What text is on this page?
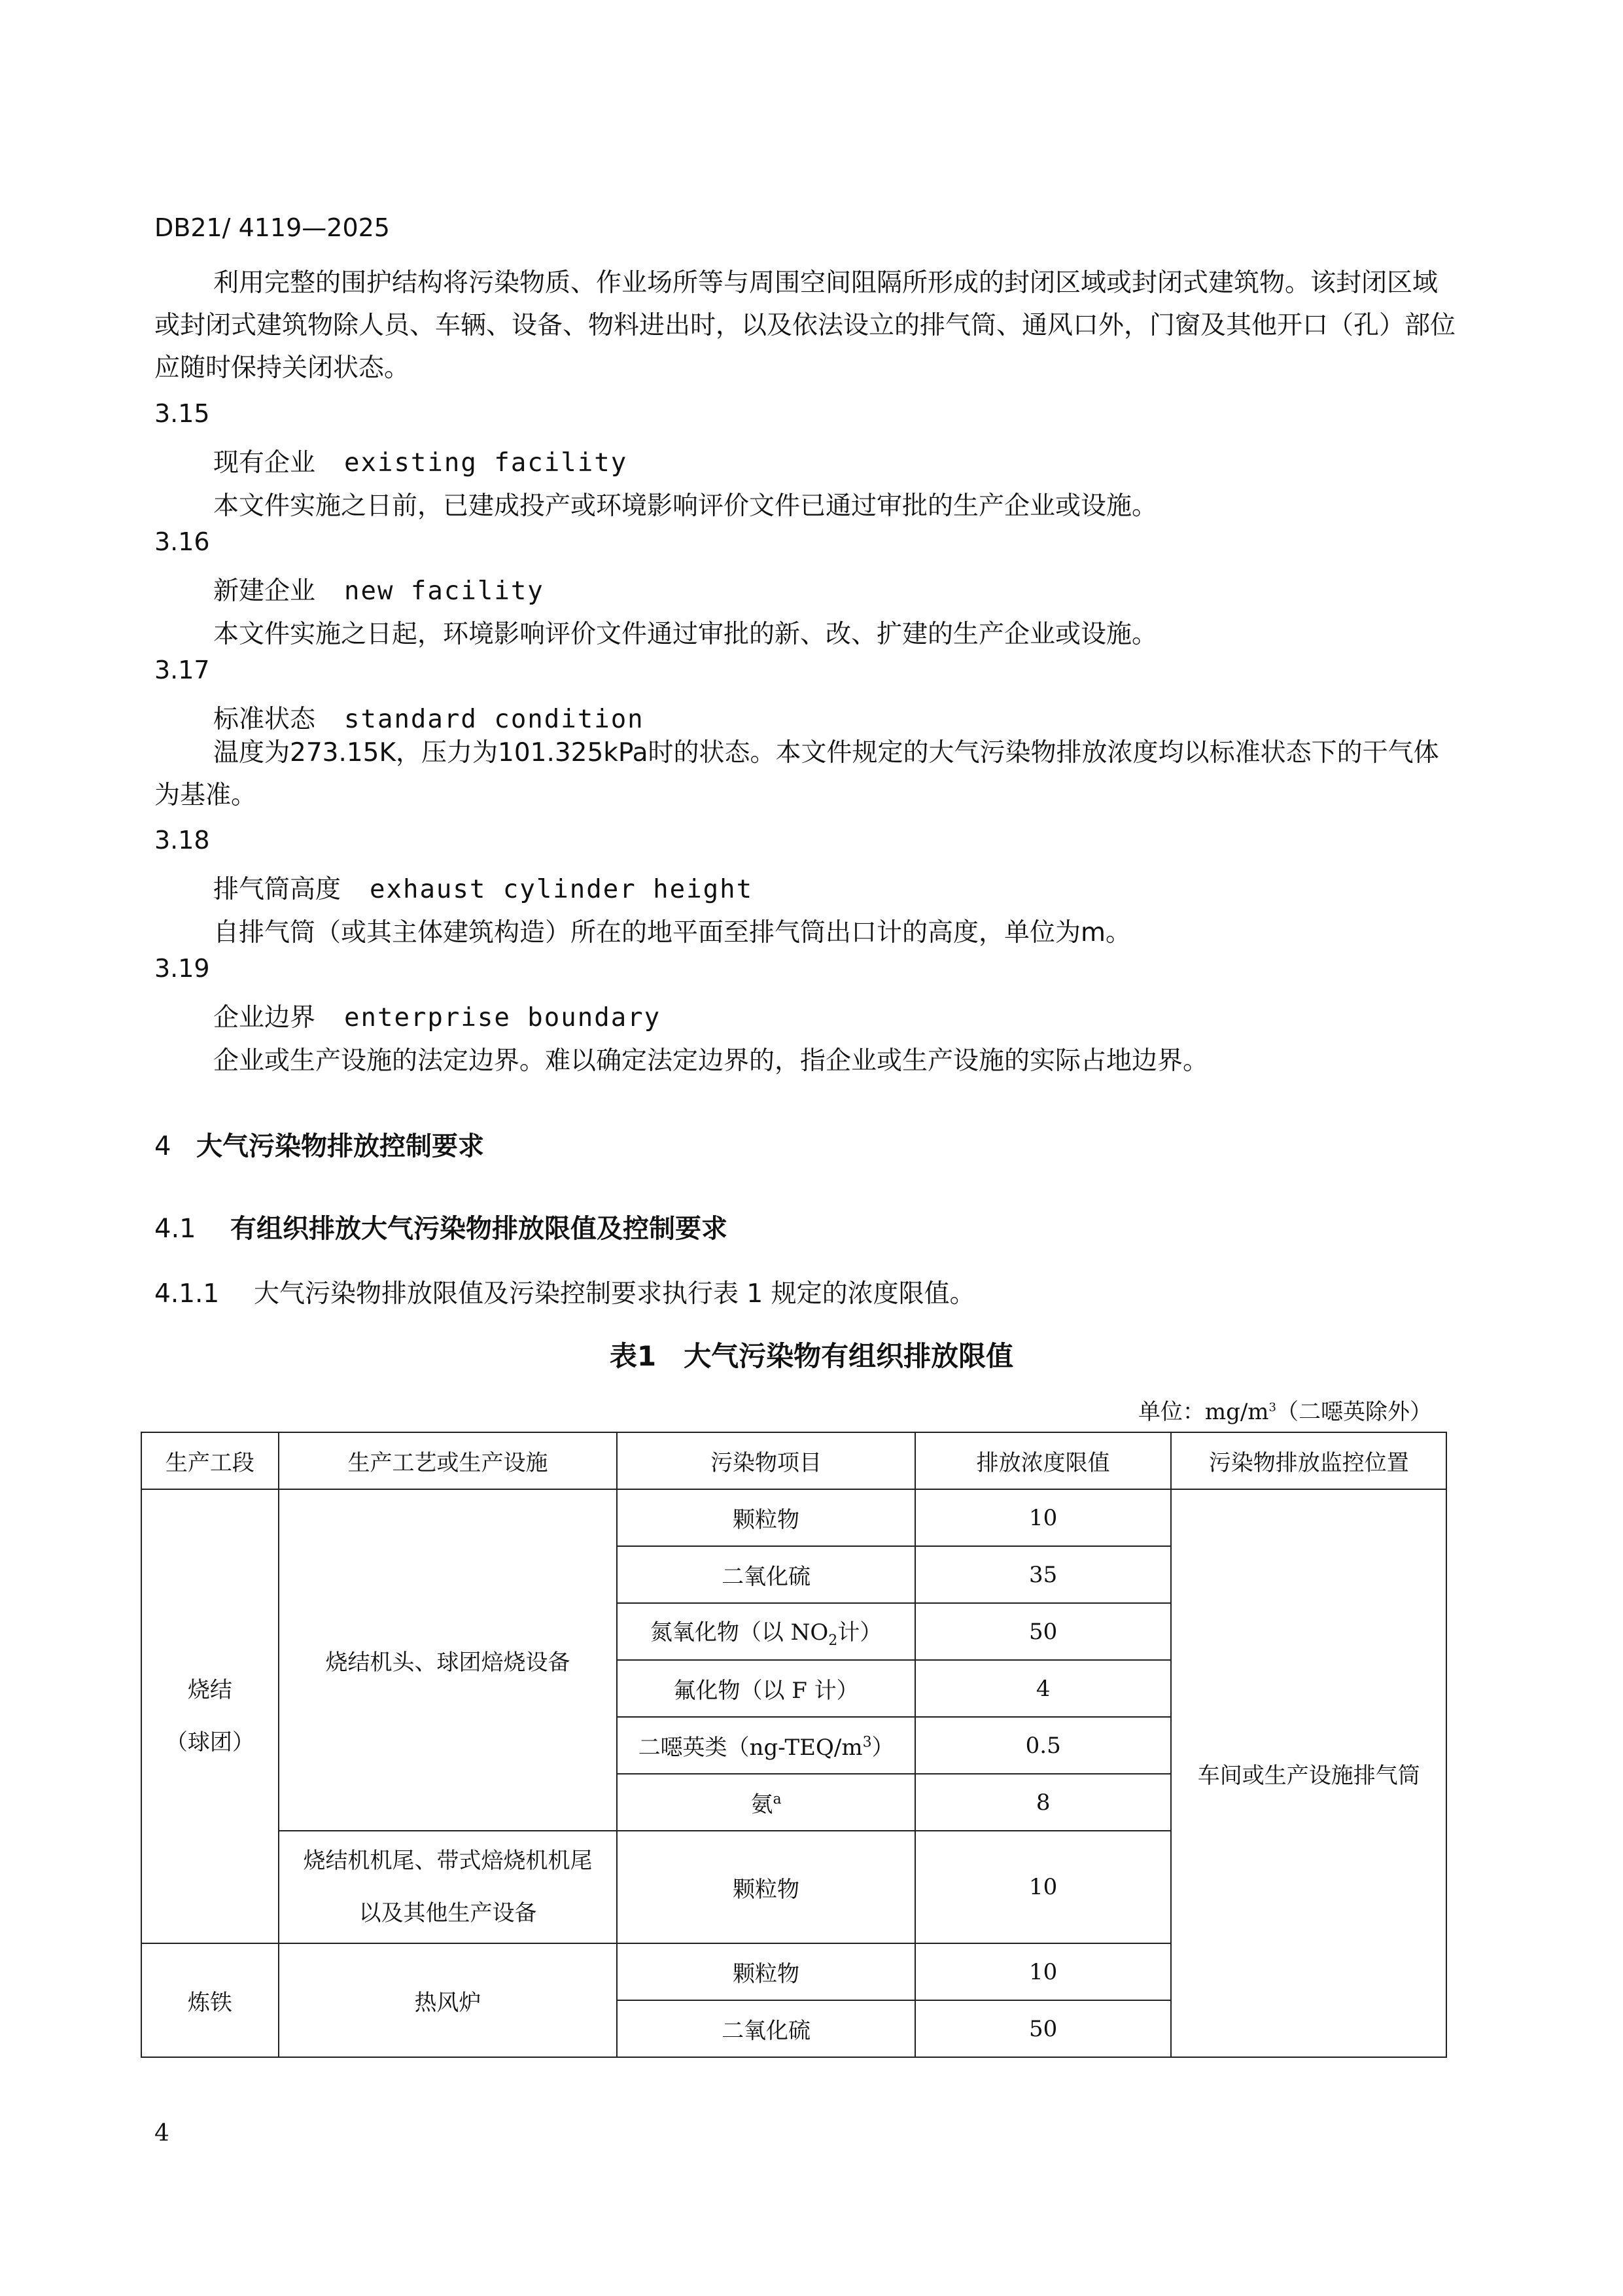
DB21/ 4119—2025
利用完整的围护结构将污染物质、作业场所等与周围空间阻隔所形成的封闭区域或封闭式建筑物。该封闭区域或封闭式建筑物除人员、车辆、设备、物料进出时，以及依法设立的排气筒、通风口外，门窗及其他开口（孔）部位应随时保持关闭状态。
3.15
现有企业 existing facility
本文件实施之日前，已建成投产或环境影响评价文件已通过审批的生产企业或设施。
3.16
新建企业 new facility
本文件实施之日起，环境影响评价文件通过审批的新、改、扩建的生产企业或设施。
3.17
标准状态 standard condition
温度为273.15K，压力为101.325kPa时的状态。本文件规定的大气污染物排放浓度均以标准状态下的干气体为基准。
3.18
排气筒高度 exhaust cylinder height
自排气筒（或其主体建筑构造）所在的地平面至排气筒出口计的高度，单位为m。
3.19
企业边界 enterprise boundary
企业或生产设施的法定边界。难以确定法定边界的，指企业或生产设施的实际占地边界。
4 大气污染物排放控制要求
4.1 有组织排放大气污染物排放限值及控制要求
4.1.1 大气污染物排放限值及污染控制要求执行表 1 规定的浓度限值。
表1　大气污染物有组织排放限值
单位：$mg/m^3$（二噁英除外）
生产工段	生产工艺或生产设施	污染物项目	排放浓度限值	污染物排放监控位置

烧结
（球团）	烧结机头、球团焙烧设备	颗粒物	10	车间或生产设施排气筒
		二氧化硫	35	
		氮氧化物（以 $NO_2$计）	50	
		氟化物（以 F 计）	4	
		二噁英类$(ng-TEQ/m^3)$	0.5	
		氨$^a$	8	

	烧结机机尾、带式焙烧机机尾
以及其他生产设备	颗粒物	10	
炼铁	热风炉	颗粒物	10	
		二氧化硫	50	
4
